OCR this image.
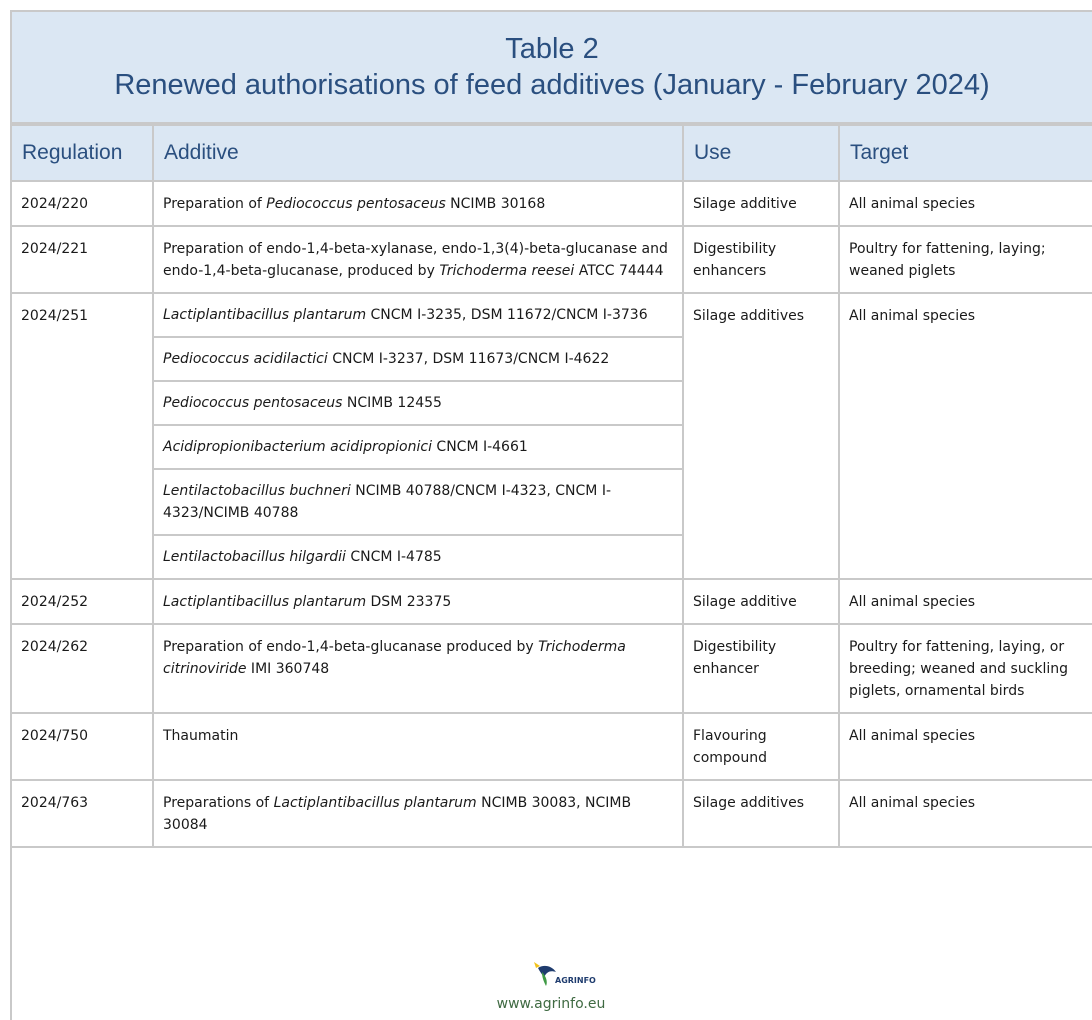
Table 2
Renewed authorisations of feed additives (January - February 2024)
Regulation	Additive	Use	Target
2024/220	Preparation of Pediococcus pentosaceus NCIMB 30168	Silage additive	All animal species
2024/221	Preparation of endo-1,4-beta-xylanase, endo-1,3(4)-beta-glucanase and endo-1,4-beta-glucanase, produced by Trichoderma reesei ATCC 74444	Digestibility enhancers	Poultry for fattening, laying; weaned piglets
2024/251	Lactiplantibacillus plantarum CNCM I-3235, DSM 11672/CNCM I-3736	Silage additives	All animal species
	Pediococcus acidilactici CNCM I-3237, DSM 11673/CNCM I-4622		
	Pediococcus pentosaceus NCIMB 12455		
	Acidipropionibacterium acidipropionici CNCM I-4661		
	Lentilactobacillus buchneri NCIMB 40788/CNCM I-4323, CNCM I-4323/NCIMB 40788		
	Lentilactobacillus hilgardii CNCM I-4785		
2024/252	Lactiplantibacillus plantarum DSM 23375	Silage additive	All animal species
2024/262	Preparation of endo-1,4-beta-glucanase produced by Trichoderma citrinoviride IMI 360748	Digestibility enhancer	Poultry for fattening, laying, or breeding; weaned and suckling piglets, ornamental birds
2024/750	Thaumatin	Flavouring compound	All animal species
2024/763	Preparations of Lactiplantibacillus plantarum NCIMB 30083, NCIMB 30084	Silage additives	All animal species
AGRINFO
www.agrinfo.eu
